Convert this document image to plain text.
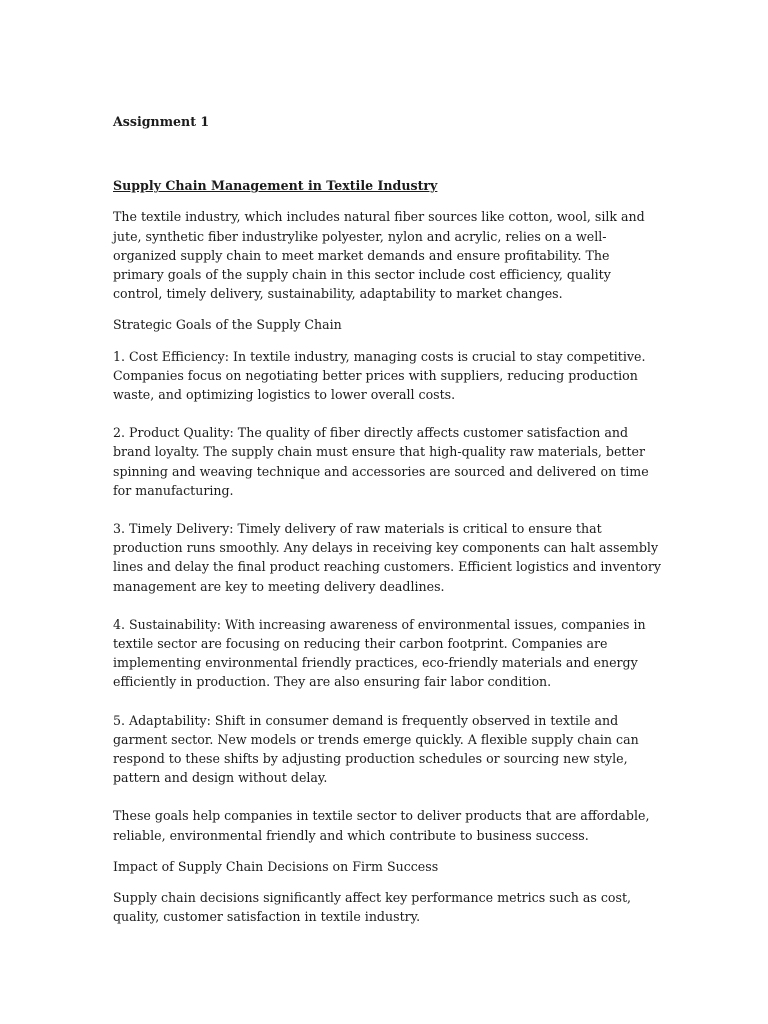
Assignment 1

Supply Chain Management in Textile Industry

The textile industry, which includes natural fiber sources like cotton, wool, silk and jute, synthetic fiber industrylike polyester, nylon and acrylic, relies on a well-organized supply chain to meet market demands and ensure profitability. The primary goals of the supply chain in this sector include cost efficiency, quality control, timely delivery, sustainability, adaptability to market changes.

Strategic Goals of the Supply Chain

1. Cost Efficiency: In textile industry, managing costs is crucial to stay competitive. Companies focus on negotiating better prices with suppliers, reducing production waste, and optimizing logistics to lower overall costs.

2. Product Quality: The quality of fiber directly affects customer satisfaction and brand loyalty. The supply chain must ensure that high-quality raw materials, better spinning and weaving technique and accessories are sourced and delivered on time for manufacturing.

3. Timely Delivery: Timely delivery of raw materials is critical to ensure that production runs smoothly. Any delays in receiving key components can halt assembly lines and delay the final product reaching customers. Efficient logistics and inventory management are key to meeting delivery deadlines.

4. Sustainability: With increasing awareness of environmental issues, companies in textile sector are focusing on reducing their carbon footprint. Companies are implementing environmental friendly practices, eco-friendly materials and energy efficiently in production. They are also ensuring fair labor condition.

5. Adaptability: Shift in consumer demand is frequently observed in textile and garment sector. New models or trends emerge quickly. A flexible supply chain can respond to these shifts by adjusting production schedules or sourcing new style, pattern and design without delay.

These goals help companies in textile sector to deliver products that are affordable, reliable, environmental friendly and which contribute to business success.

Impact of Supply Chain Decisions on Firm Success

Supply chain decisions significantly affect key performance metrics such as cost, quality, customer satisfaction in textile industry.
